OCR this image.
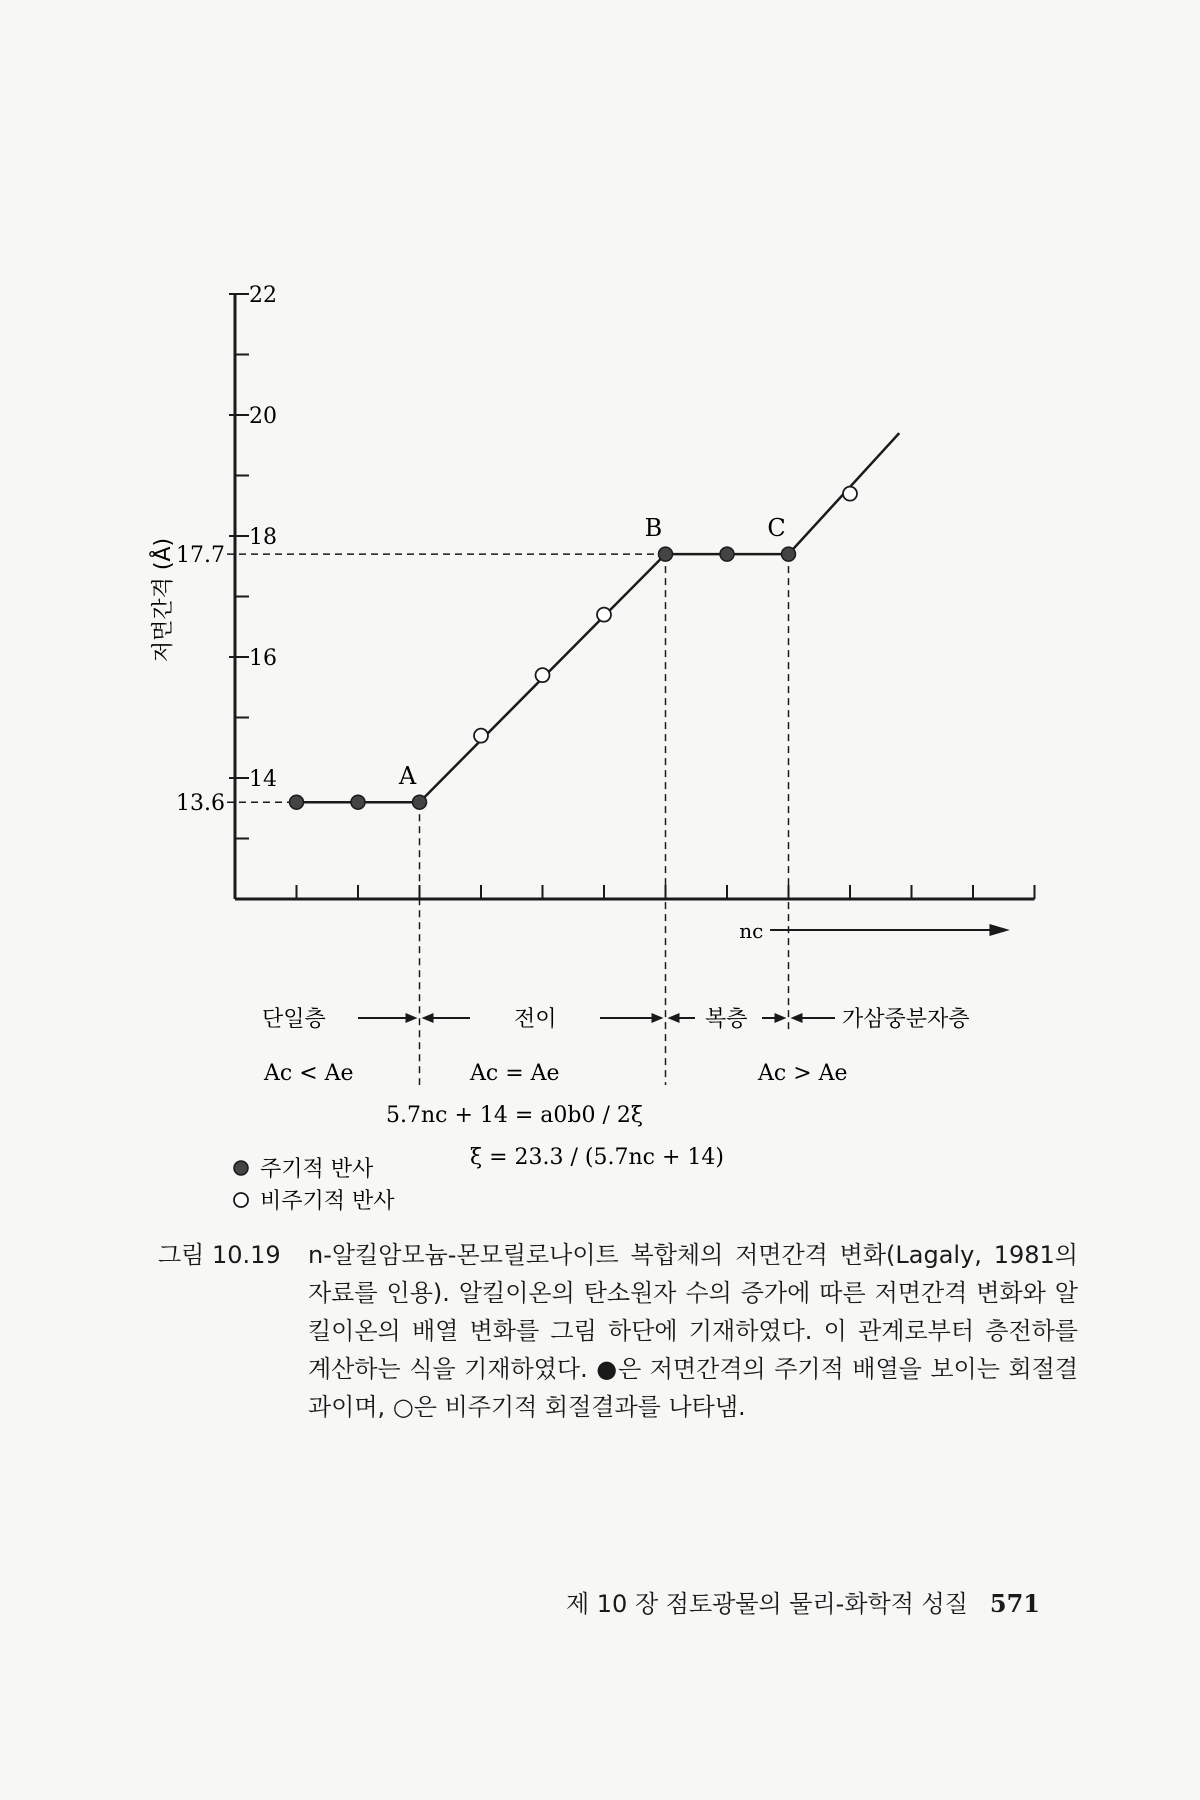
14
16
18
20
22
저면간격 (Å)
nc
13.6
17.7
A
B	C
단일층	전이	복층	가삼중분자층
Ac < Ae	Ac = Ae	Ac > Ae
5.7nc + 14 = a0b0 / 2ξ
ξ = 23.3 / (5.7nc + 14)
주기적 반사
비주기적 반사
그림 10.19	n-알킬암모늄-몬모릴로나이트 복합체의 저면간격 변화(Lagaly, 1981의 자료를 인용). 알킬이온의 탄소원자 수의 증가에 따른 저면간격 변화와 알킬이온의 배열 변화를 그림 하단에 기재하였다. 이 관계로부터 층전하를 계산하는 식을 기재하였다. ●은 저면간격의 주기적 배열을 보이는 회절결과이며, ○은 비주기적 회절결과를 나타냄.
제 10 장 점토광물의 물리-화학적 성질 571
